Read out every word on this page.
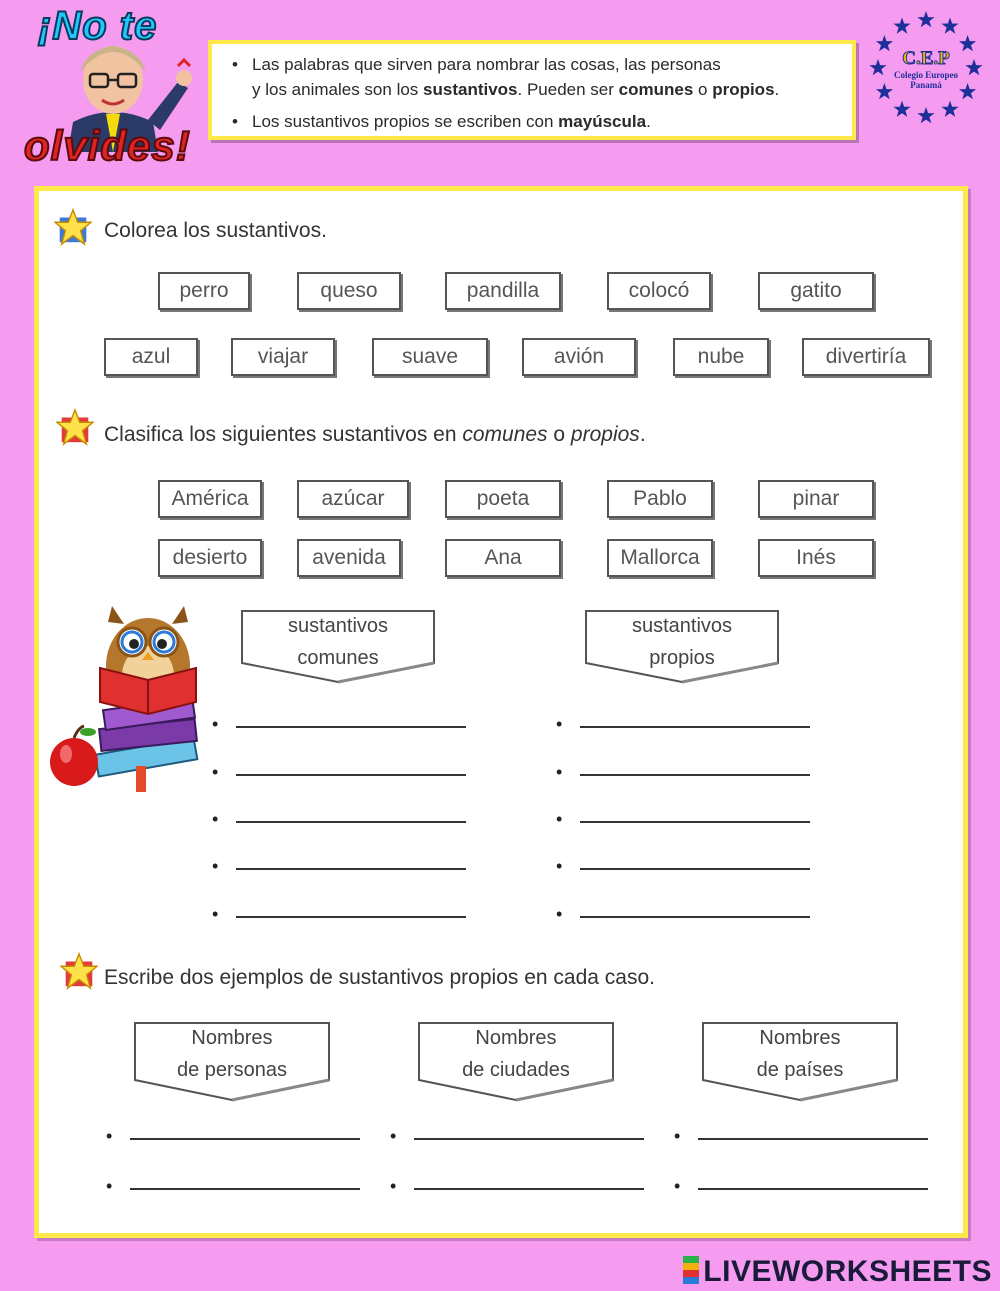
¡No te
olvides!
• Las palabras que sirven para nombrar las cosas, las personas
y los animales son los sustantivos. Pueden ser comunes o propios.
• Los sustantivos propios se escriben con mayúscula.
C.E.P
Colegio Europeo
Panamá
Colorea los sustantivos.
perro	queso	pandilla	colocó	gatito
azul	viajar	suave	avión	nube	divertiría
Clasifica los siguientes sustantivos en comunes o propios.
América	azúcar	poeta	Pablo	pinar
desierto	avenida	Ana	Mallorca	Inés
sustantivos
comunes
sustantivos
propios
•
•
•
•
•
•
•
•
•
•
Escribe dos ejemplos de sustantivos propios en cada caso.
Nombres
de personas
Nombres
de ciudades
Nombres
de países
•
•
•
•
•
•
LIVEWORKSHEETS
